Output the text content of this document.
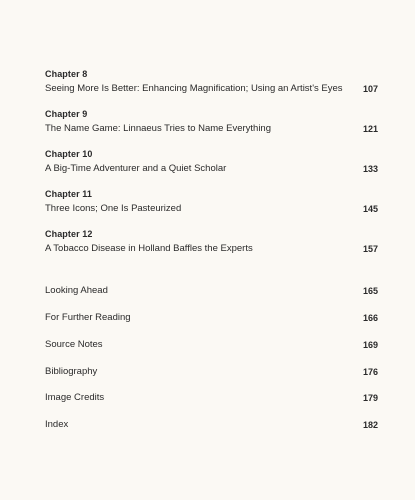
Chapter 8
Seeing More Is Better: Enhancing Magnification; Using an Artist's Eyes 107
Chapter 9
The Name Game: Linnaeus Tries to Name Everything	121
Chapter 10
A Big-Time Adventurer and a Quiet Scholar	133
Chapter 11
Three Icons; One Is Pasteurized	145
Chapter 12
A Tobacco Disease in Holland Baffles the Experts	157
Looking Ahead	165
For Further Reading	166
Source Notes	169
Bibliography	176
Image Credits	179
Index	182
